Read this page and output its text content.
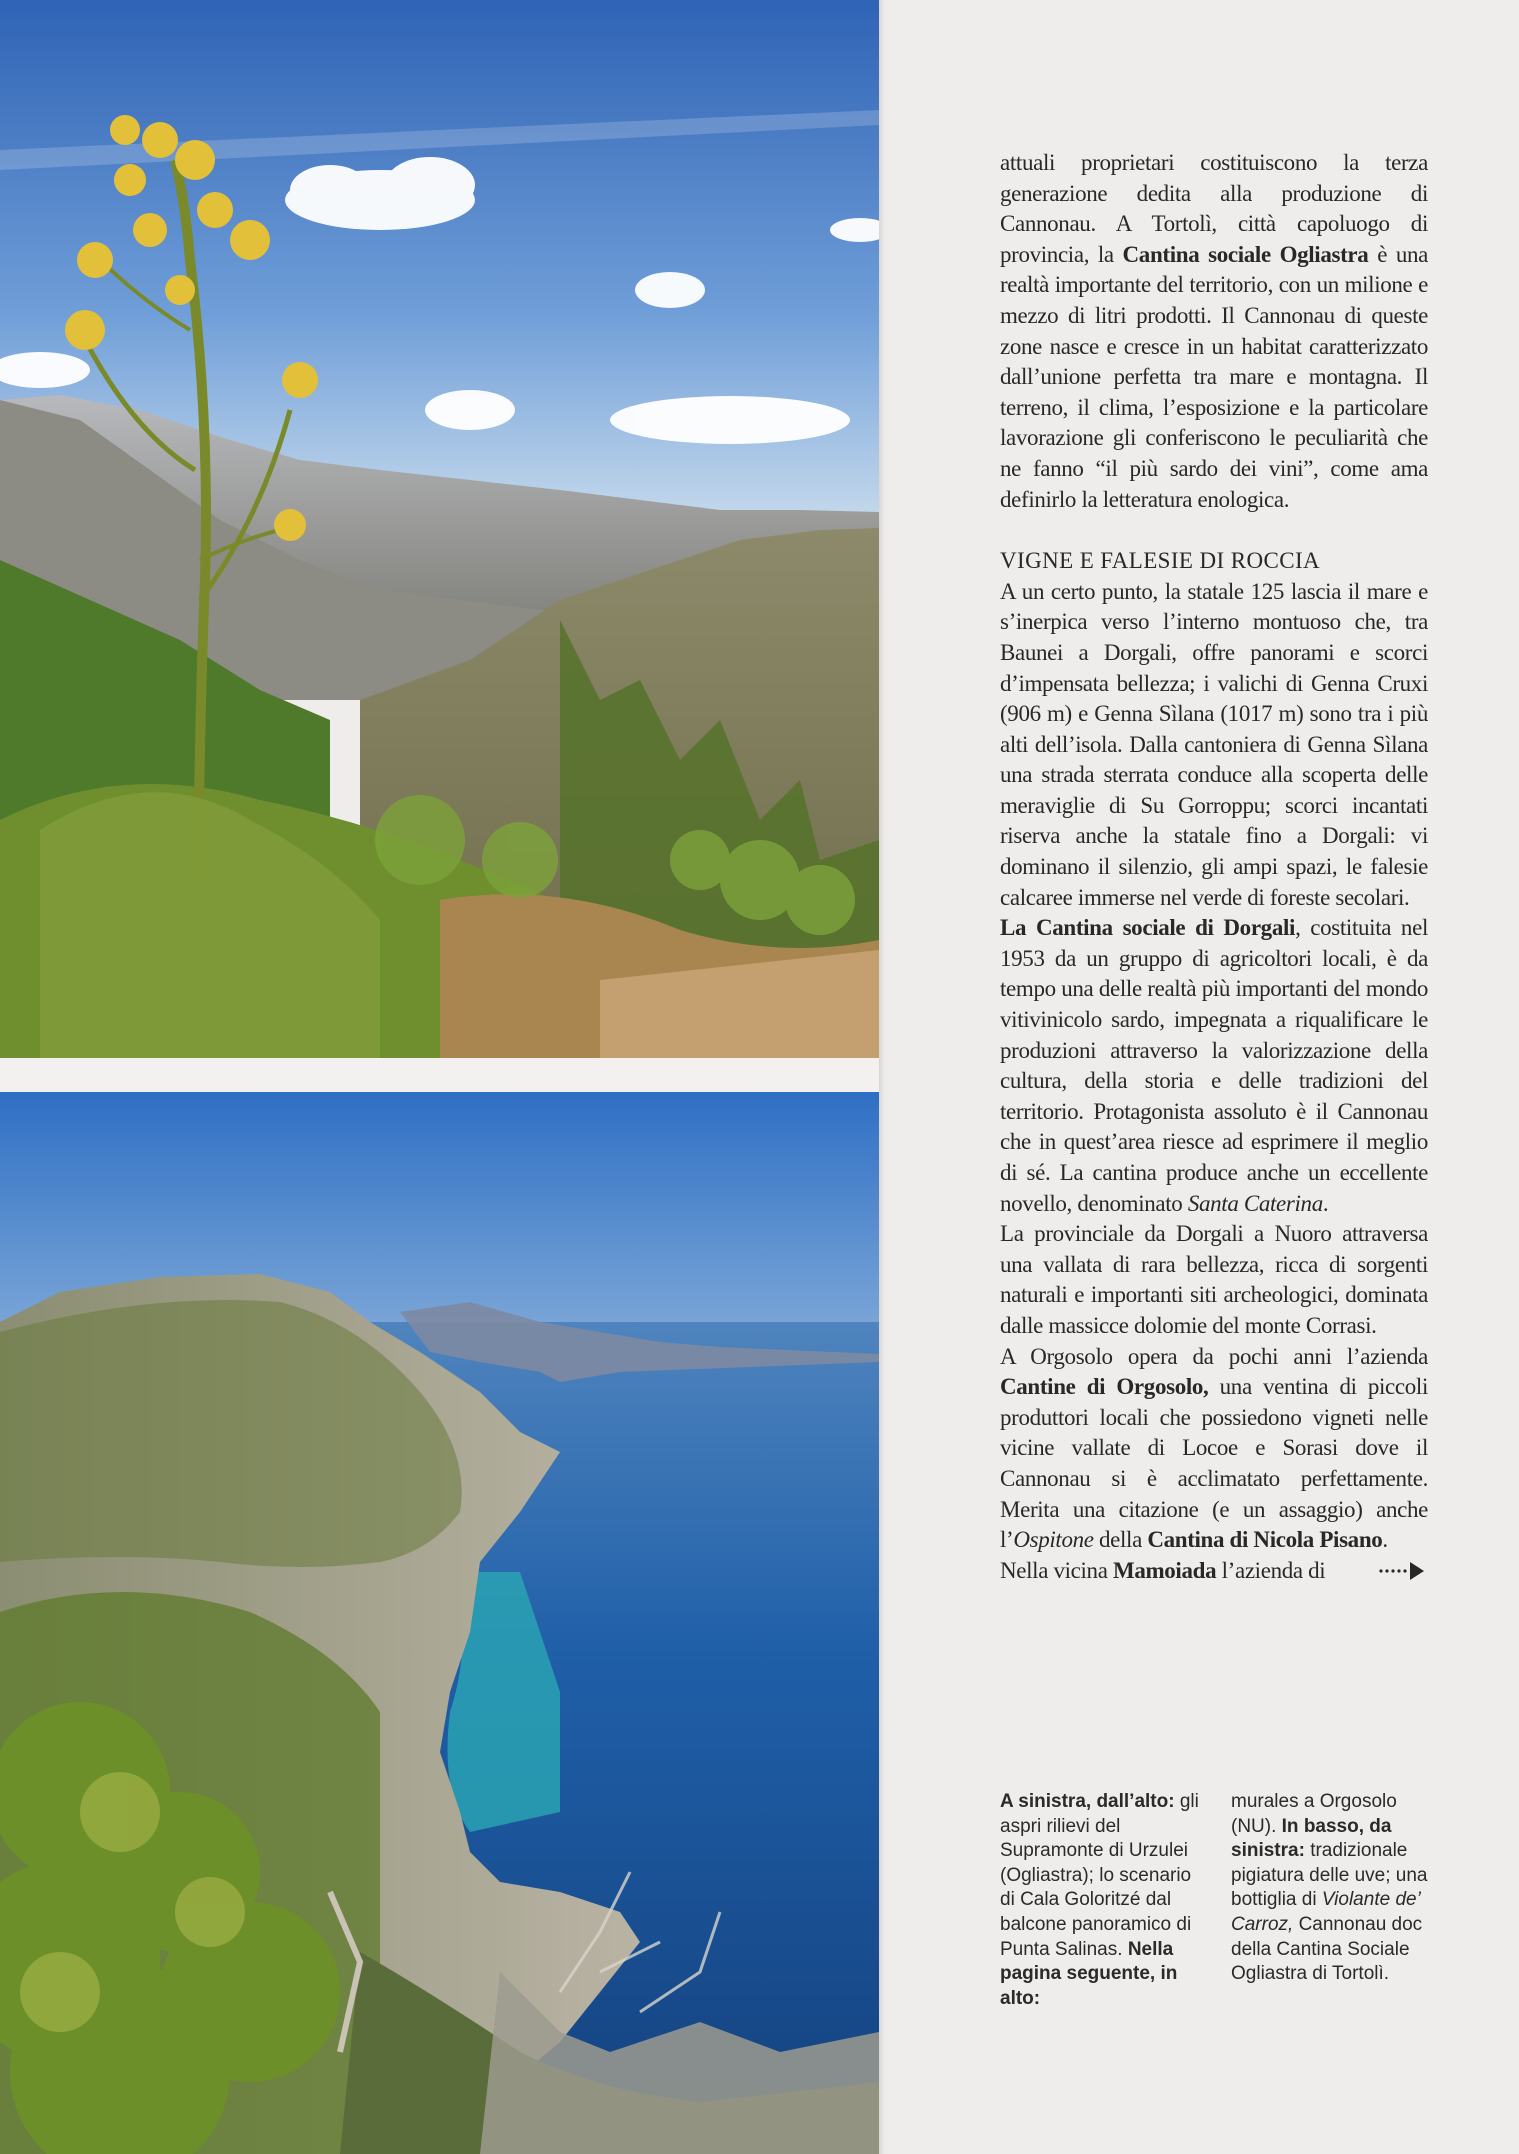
attuali proprietari costituiscono la terza generazione dedita alla produzione di Cannonau. A Tortolì, città capoluogo di provincia, la Cantina sociale Ogliastra è una realtà importante del territorio, con un milione e mezzo di litri prodotti. Il Cannonau di queste zone nasce e cresce in un habitat caratterizzato dall’unione perfetta tra mare e montagna. Il terreno, il clima, l’esposizione e la particolare lavorazione gli conferiscono le peculiarità che ne fanno “il più sardo dei vini”, come ama definirlo la letteratura enologica.

VIGNE E FALESIE DI ROCCIA

A un certo punto, la statale 125 lascia il mare e s’inerpica verso l’interno montuoso che, tra Baunei a Dorgali, offre panorami e scorci d’impensata bellezza; i valichi di Genna Cruxi (906 m) e Genna Sìlana (1017 m) sono tra i più alti dell’isola. Dalla cantoniera di Genna Sìlana una strada sterrata conduce alla scoperta delle meraviglie di Su Gorroppu; scorci incantati riserva anche la statale fino a Dorgali: vi dominano il silenzio, gli ampi spazi, le falesie calcaree immerse nel verde di foreste secolari.

La Cantina sociale di Dorgali, costituita nel 1953 da un gruppo di agricoltori locali, è da tempo una delle realtà più importanti del mondo vitivinicolo sardo, impegnata a riqualificare le produzioni attraverso la valorizzazione della cultura, della storia e delle tradizioni del territorio. Protagonista assoluto è il Cannonau che in quest’area riesce ad esprimere il meglio di sé. La cantina produce anche un eccellente novello, denominato Santa Caterina.

La provinciale da Dorgali a Nuoro attraversa una vallata di rara bellezza, ricca di sorgenti naturali e importanti siti archeologici, dominata dalle massicce dolomie del monte Corrasi.

A Orgosolo opera da pochi anni l’azienda Cantine di Orgosolo, una ventina di piccoli produttori locali che possiedono vigneti nelle vicine vallate di Locoe e Sorasi dove il Cannonau si è acclimatato perfettamente. Merita una citazione (e un assaggio) anche l’Ospitone della Cantina di Nicola Pisano.

Nella vicina Mamoiada l’azienda di

A sinistra, dall’alto: gli aspri rilievi del Supramonte di Urzulei (Ogliastra); lo scenario di Cala Goloritzé dal balcone panoramico di Punta Salinas. Nella pagina seguente, in alto:
murales a Orgosolo (NU). In basso, da sinistra: tradizionale pigiatura delle uve; una bottiglia di Violante de’ Carroz, Cannonau doc della Cantina Sociale Ogliastra di Tortolì.
